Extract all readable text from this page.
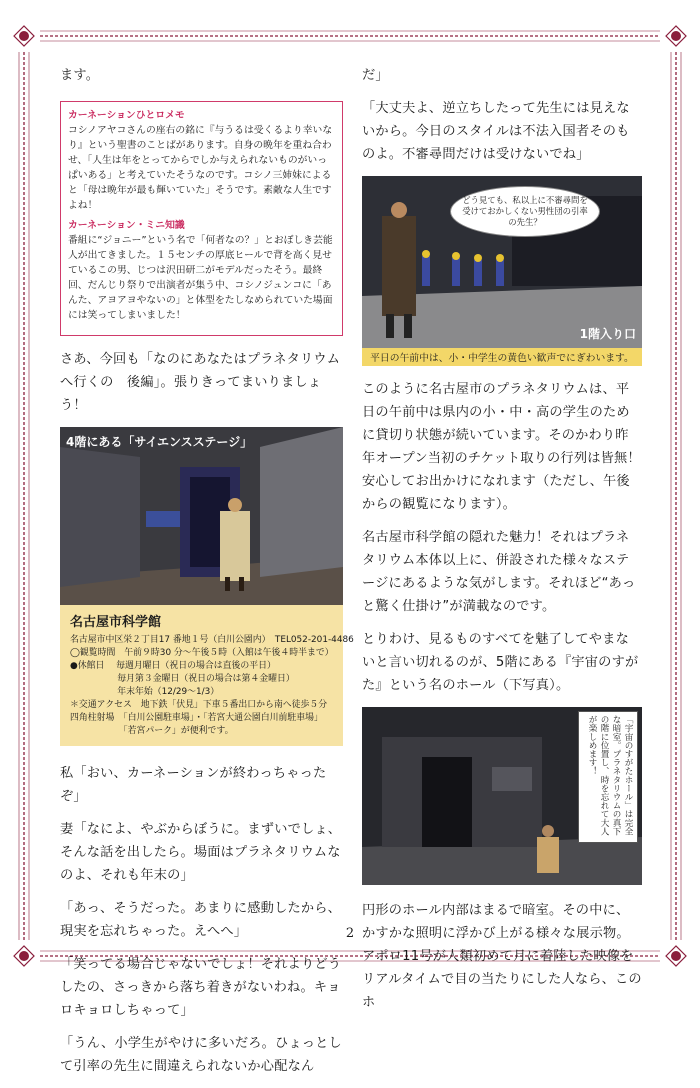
ます。

カーネーションひとロメモ

コシノアヤコさんの座右の銘に『与うるは受くるより幸いなり』という聖書のことばがあります。自身の晩年を重ね合わせ、「人生は年をとってからでしか与えられないものがいっぱいある」と考えていたそうなのです。コシノ三姉妹によると「母は晩年が最も輝いていた」そうです。素敵な人生ですよね！

カーネーション・ミニ知識

番組に“ジョニー”という名で「何者なの？」とおぼしき芸能人が出てきました。１５センチの厚底ヒールで背を高く見せているこの男、じつは沢田研二がモデルだったそう。最終回、だんじり祭りで出演者が集う中、コシノジュンコに「あんた、アヨアヨやないの」と体型をたしなめられていた場面には笑ってしまいました！

さあ、今回も「なのにあなたはプラネタリウムへ行くの　後編」。張りきってまいりましょう！

4階にある「サイエンスステージ」

名古屋市科学館

名古屋市中区栄２丁目17 番地１号（白川公園内）　TEL052-201-4486

◯観覧時間　午前９時30 分～午後５時（入館は午後４時半まで）

●休館日　 毎週月曜日（祝日の場合は直後の平日）

　　　　　 毎月第３金曜日（祝日の場合は第４金曜日）

　　　　　 年末年始（12/29～1/3）

＊交通アクセス　地下鉄「伏見」下車５番出口から南へ徒歩５分

四角柱射場　「白川公園駐車場」・「若宮大通公園白川前駐車場」

　　　　　　「若宮パーク」が便利です。

私「おい、カーネーションが終わっちゃったぞ」

妻「なによ、やぶからぼうに。まずいでしょ、そんな話を出したら。場面はプラネタリウムなのよ、それも年末の」

「あっ、そうだった。あまりに感動したから、現実を忘れちゃった。えへへ」

「笑ってる場合じゃないでしょ！それよりどうしたの、さっきから落ち着きがないわね。キョロキョロしちゃって」

「うん、小学生がやけに多いだろ。ひょっとして引率の先生に間違えられないか心配なん

だ」

「大丈夫よ、逆立ちしたって先生には見えないから。今日のスタイルは不法入国者そのものよ。不審尋問だけは受けないでね」

どう見ても、私以上に不審尋問を受けておかしくない男性団の引率の先生？
1階入り口
平日の午前中は、小・中学生の黄色い歓声でにぎわいます。

このように名古屋市のプラネタリウムは、平日の午前中は県内の小・中・高の学生のために貸切り状態が続いています。そのかわり昨年オープン当初のチケット取りの行列は皆無！安心してお出かけになれます（ただし、午後からの観覧になります）。

名古屋市科学館の隠れた魅力！それはプラネタリウム本体以上に、併設された様々なステージにあるような気がします。それほど“あっと驚く仕掛け”が満載なのです。

とりわけ、見るものすべてを魅了してやまないと言い切れるのが、5階にある『宇宙のすがた』という名のホール（下写真）。

「宇宙のすがたホール」は完全な暗室。プラネタリウムの真下の階に位置し、時を忘れて大人が楽しめます！

円形のホール内部はまるで暗室。その中に、かすかな照明に浮かび上がる様々な展示物。アポロ11号が人類初めて月に着陸した映像をリアルタイムで目の当たりにした人なら、このホ

2
